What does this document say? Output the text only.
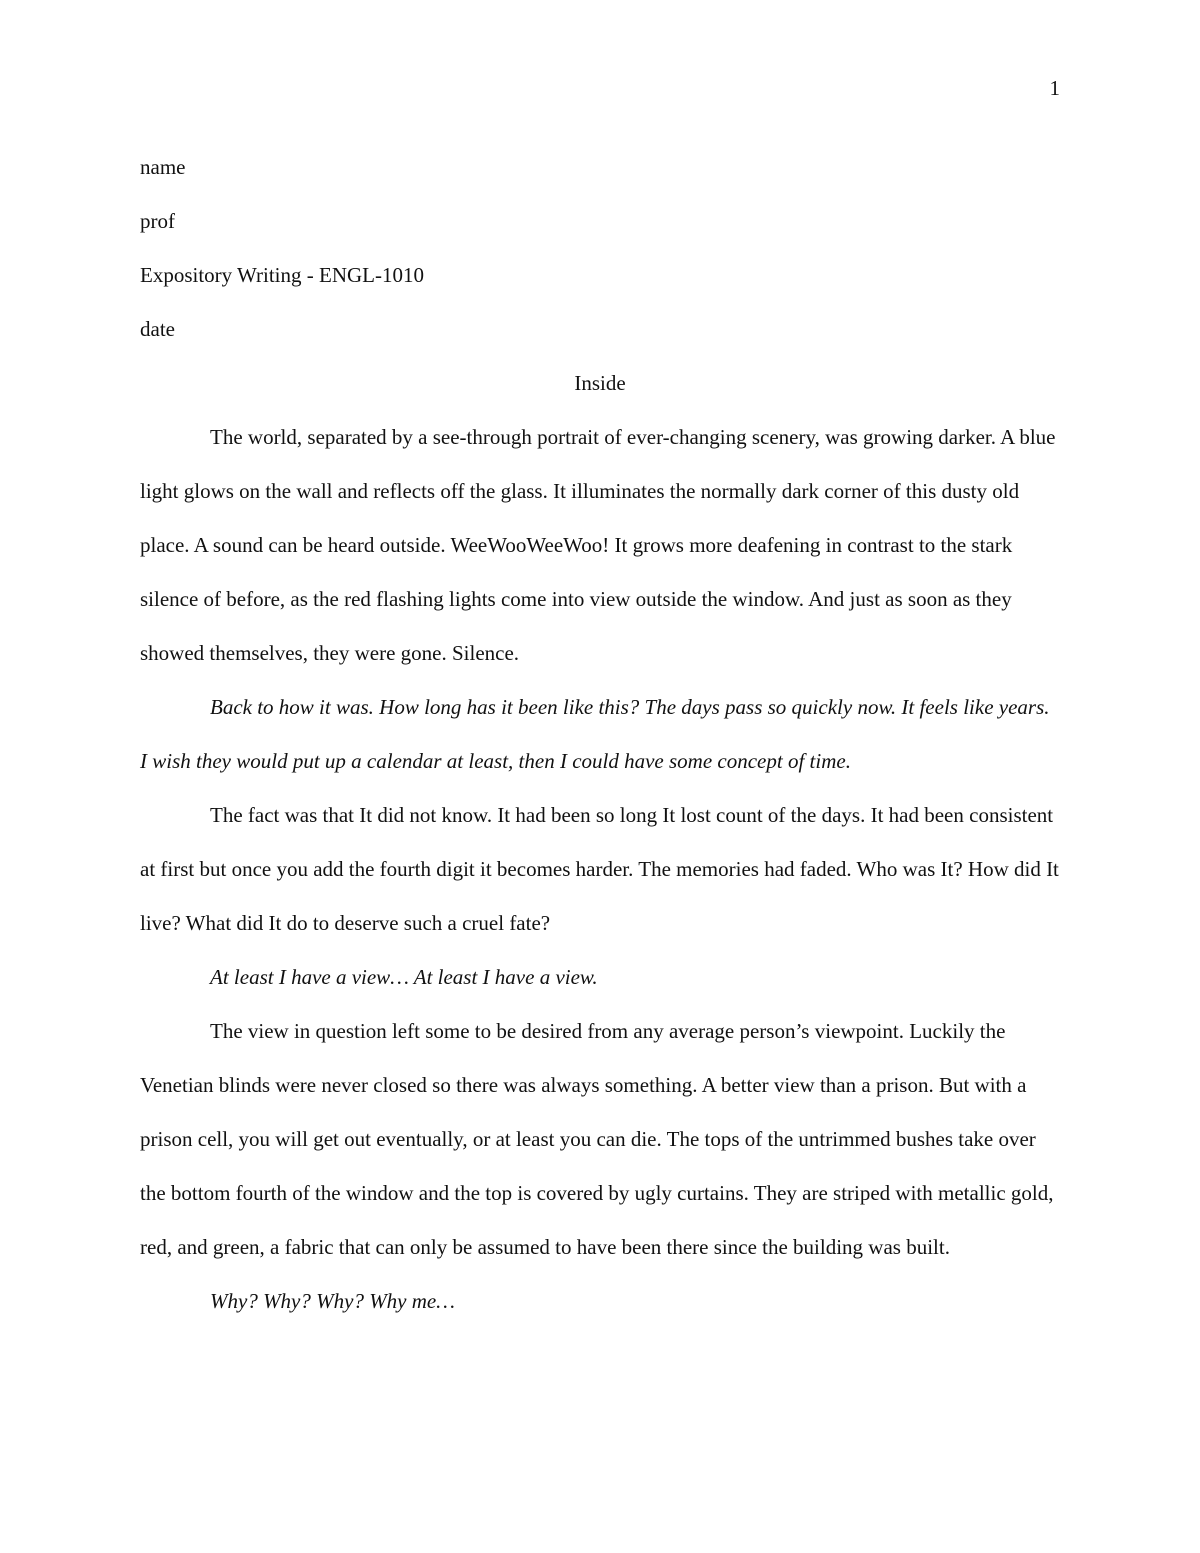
1

name

prof

Expository Writing - ENGL-1010

date

Inside

The world, separated by a see-through portrait of ever-changing scenery, was growing darker. A blue light glows on the wall and reflects off the glass. It illuminates the normally dark corner of this dusty old place. A sound can be heard outside. WeeWooWeeWoo! It grows more deafening in contrast to the stark silence of before, as the red flashing lights come into view outside the window. And just as soon as they showed themselves, they were gone. Silence.

Back to how it was. How long has it been like this? The days pass so quickly now. It feels like years. I wish they would put up a calendar at least, then I could have some concept of time.

The fact was that It did not know. It had been so long It lost count of the days. It had been consistent at first but once you add the fourth digit it becomes harder. The memories had faded. Who was It? How did It live? What did It do to deserve such a cruel fate?

At least I have a view… At least I have a view.

The view in question left some to be desired from any average person’s viewpoint. Luckily the Venetian blinds were never closed so there was always something. A better view than a prison. But with a prison cell, you will get out eventually, or at least you can die. The tops of the untrimmed bushes take over the bottom fourth of the window and the top is covered by ugly curtains. They are striped with metallic gold, red, and green, a fabric that can only be assumed to have been there since the building was built.

Why? Why? Why? Why me…
